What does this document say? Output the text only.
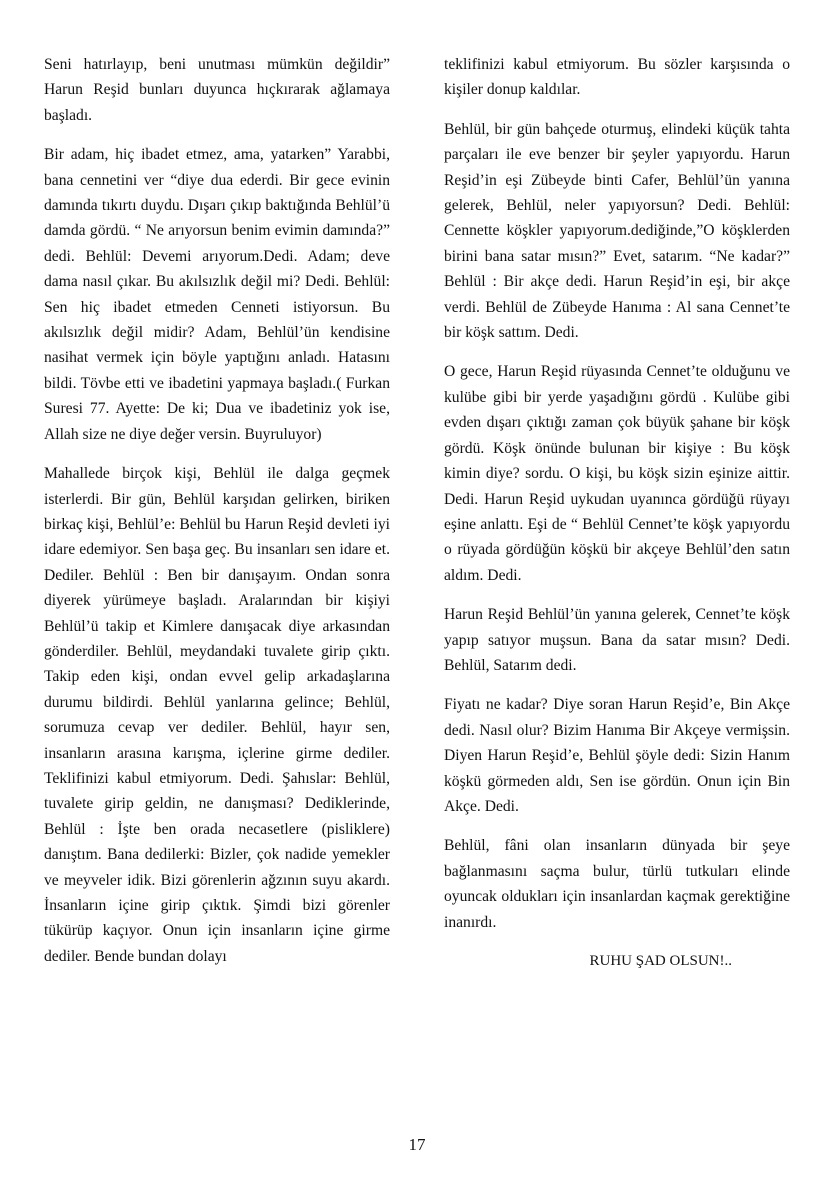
Seni hatırlayıp, beni unutması mümkün değildir” Harun Reşid bunları duyunca hıçkırarak ağlamaya başladı.

Bir adam, hiç ibadet etmez, ama, yatarken” Yarabbi, bana cennetini ver “diye dua ederdi. Bir gece evinin damında tıkırtı duydu. Dışarı çıkıp baktığında Behlül’ü damda gördü. “ Ne arıyorsun benim evimin damında?” dedi. Behlül: Devemi arıyorum.Dedi. Adam; deve dama nasıl çıkar. Bu akılsızlık değil mi? Dedi. Behlül: Sen hiç ibadet etmeden Cenneti istiyorsun. Bu akılsızlık değil midir? Adam, Behlül’ün kendisine nasihat vermek için böyle yaptığını anladı. Hatasını bildi. Tövbe etti ve ibadetini yapmaya başladı.( Furkan Suresi 77. Ayette: De ki; Dua ve ibadetiniz yok ise, Allah size ne diye değer versin. Buyruluyor)

Mahallede birçok kişi, Behlül ile dalga geçmek isterlerdi. Bir gün, Behlül karşıdan gelirken, biriken birkaç kişi, Behlül’e: Behlül bu Harun Reşid devleti iyi idare edemiyor. Sen başa geç. Bu insanları sen idare et. Dediler. Behlül : Ben bir danışayım. Ondan sonra diyerek yürümeye başladı. Aralarından bir kişiyi Behlül’ü takip et Kimlere danışacak diye arkasından gönderdiler. Behlül, meydandaki tuvalete girip çıktı. Takip eden kişi, ondan evvel gelip arkadaşlarına durumu bildirdi. Behlül yanlarına gelince; Behlül, sorumuza cevap ver dediler. Behlül, hayır sen, insanların arasına karışma, içlerine girme dediler. Teklifinizi kabul etmiyorum. Dedi. Şahıslar: Behlül, tuvalete girip geldin, ne danışması? Dediklerinde, Behlül : İşte ben orada necasetlere (pisliklere) danıştım. Bana dedilerki: Bizler, çok nadide yemekler ve meyveler idik. Bizi görenlerin ağzının suyu akardı. İnsanların içine girip çıktık. Şimdi bizi görenler tükürüp kaçıyor. Onun için insanların içine girme dediler. Bende bundan dolayı

teklifinizi kabul etmiyorum. Bu sözler karşısında o kişiler donup kaldılar.

Behlül, bir gün bahçede oturmuş, elindeki küçük tahta parçaları ile eve benzer bir şeyler yapıyordu. Harun Reşid’in eşi Zübeyde binti Cafer, Behlül’ün yanına gelerek, Behlül, neler yapıyorsun? Dedi. Behlül: Cennette köşkler yapıyorum.dediğinde,”O köşklerden birini bana satar mısın?” Evet, satarım. “Ne kadar?” Behlül : Bir akçe dedi. Harun Reşid’in eşi, bir akçe verdi. Behlül de Zübeyde Hanıma : Al sana Cennet’te bir köşk sattım. Dedi.

O gece, Harun Reşid rüyasında Cennet’te olduğunu ve kulübe gibi bir yerde yaşadığını gördü . Kulübe gibi evden dışarı çıktığı zaman çok büyük şahane bir köşk gördü. Köşk önünde bulunan bir kişiye : Bu köşk kimin diye? sordu. O kişi, bu köşk sizin eşinize aittir. Dedi. Harun Reşid uykudan uyanınca gördüğü rüyayı eşine anlattı. Eşi de “ Behlül Cennet’te köşk yapıyordu o rüyada gördüğün köşkü bir akçeye Behlül’den satın aldım. Dedi.

Harun Reşid Behlül’ün yanına gelerek, Cennet’te köşk yapıp satıyor muşsun. Bana da satar mısın? Dedi. Behlül, Satarım dedi.

Fiyatı ne kadar? Diye soran Harun Reşid’e, Bin Akçe dedi. Nasıl olur? Bizim Hanıma Bir Akçeye vermişsin. Diyen Harun Reşid’e, Behlül şöyle dedi: Sizin Hanım köşkü görmeden aldı, Sen ise gördün. Onun için Bin Akçe. Dedi.

Behlül, fâni olan insanların dünyada bir şeye bağlanmasını saçma bulur, türlü tutkuları elinde oyuncak oldukları için insanlardan kaçmak gerektiğine inanırdı.

RUHU ŞAD OLSUN!..
17
